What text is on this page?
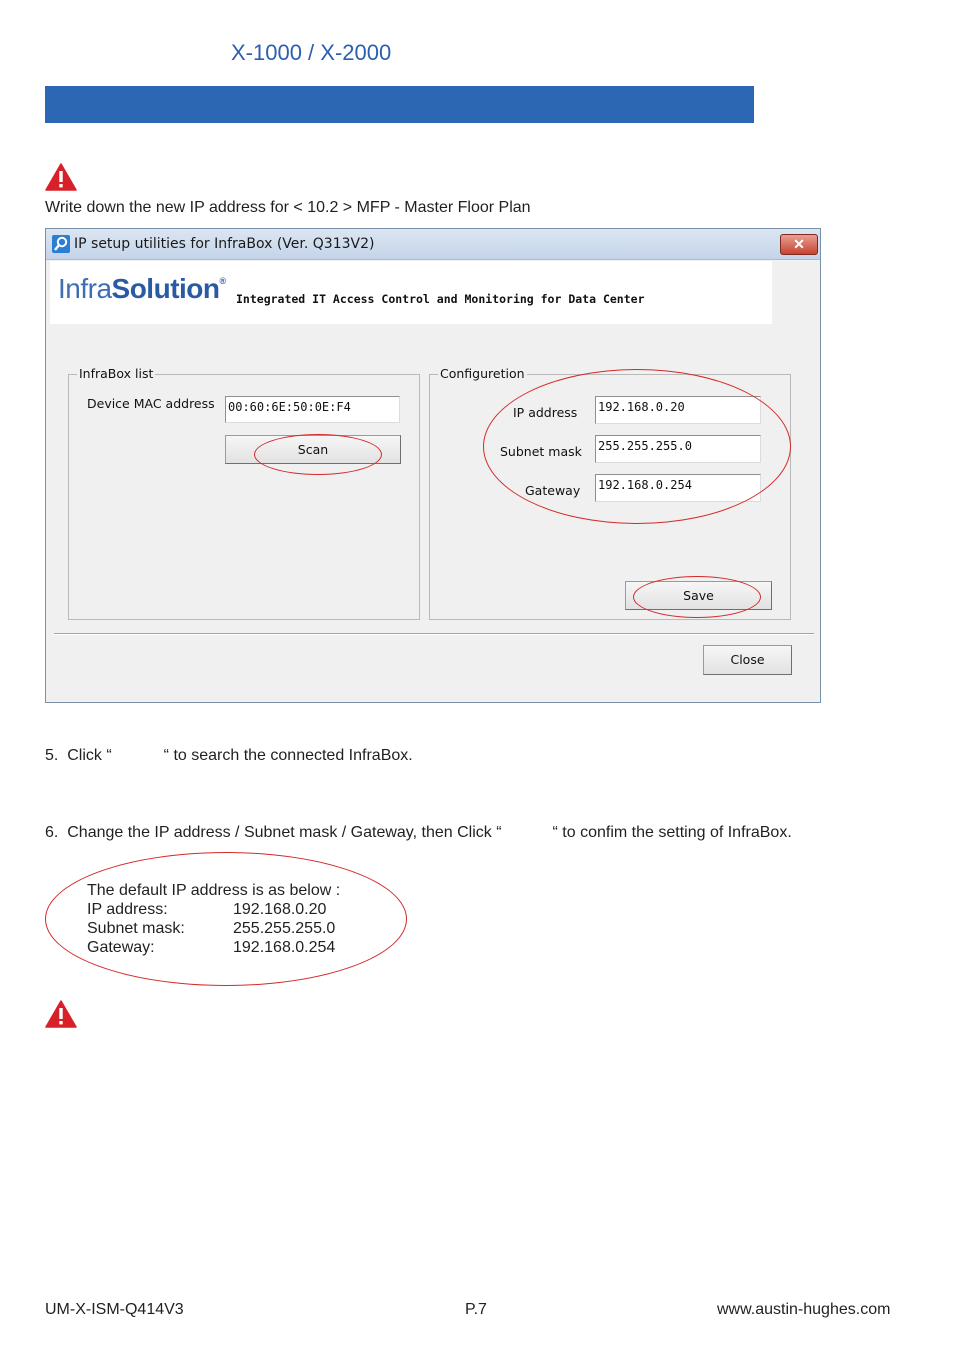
X-1000 / X-2000
Write down the new IP address for < 10.2 > MFP - Master Floor Plan
IP setup utilities for InfraBox (Ver. Q313V2)	✕
InfraSolution®
Integrated IT Access Control and Monitoring for Data Center
InfraBox list
Device MAC address 00:60:6E:50:0E:F4
Scan
Configuretion
IP address 192.168.0.20
Subnet mask 255.255.255.0
Gateway 192.168.0.254
Save
Close
5. Click “	“ to search the connected InfraBox.
6. Change the IP address / Subnet mask / Gateway, then Click “	“ to confim the setting of InfraBox.
The default IP address is as below :
IP address:	192.168.0.20
Subnet mask:	255.255.255.0
Gateway:	192.168.0.254
UM-X-ISM-Q414V3	P.7	www.austin-hughes.com
